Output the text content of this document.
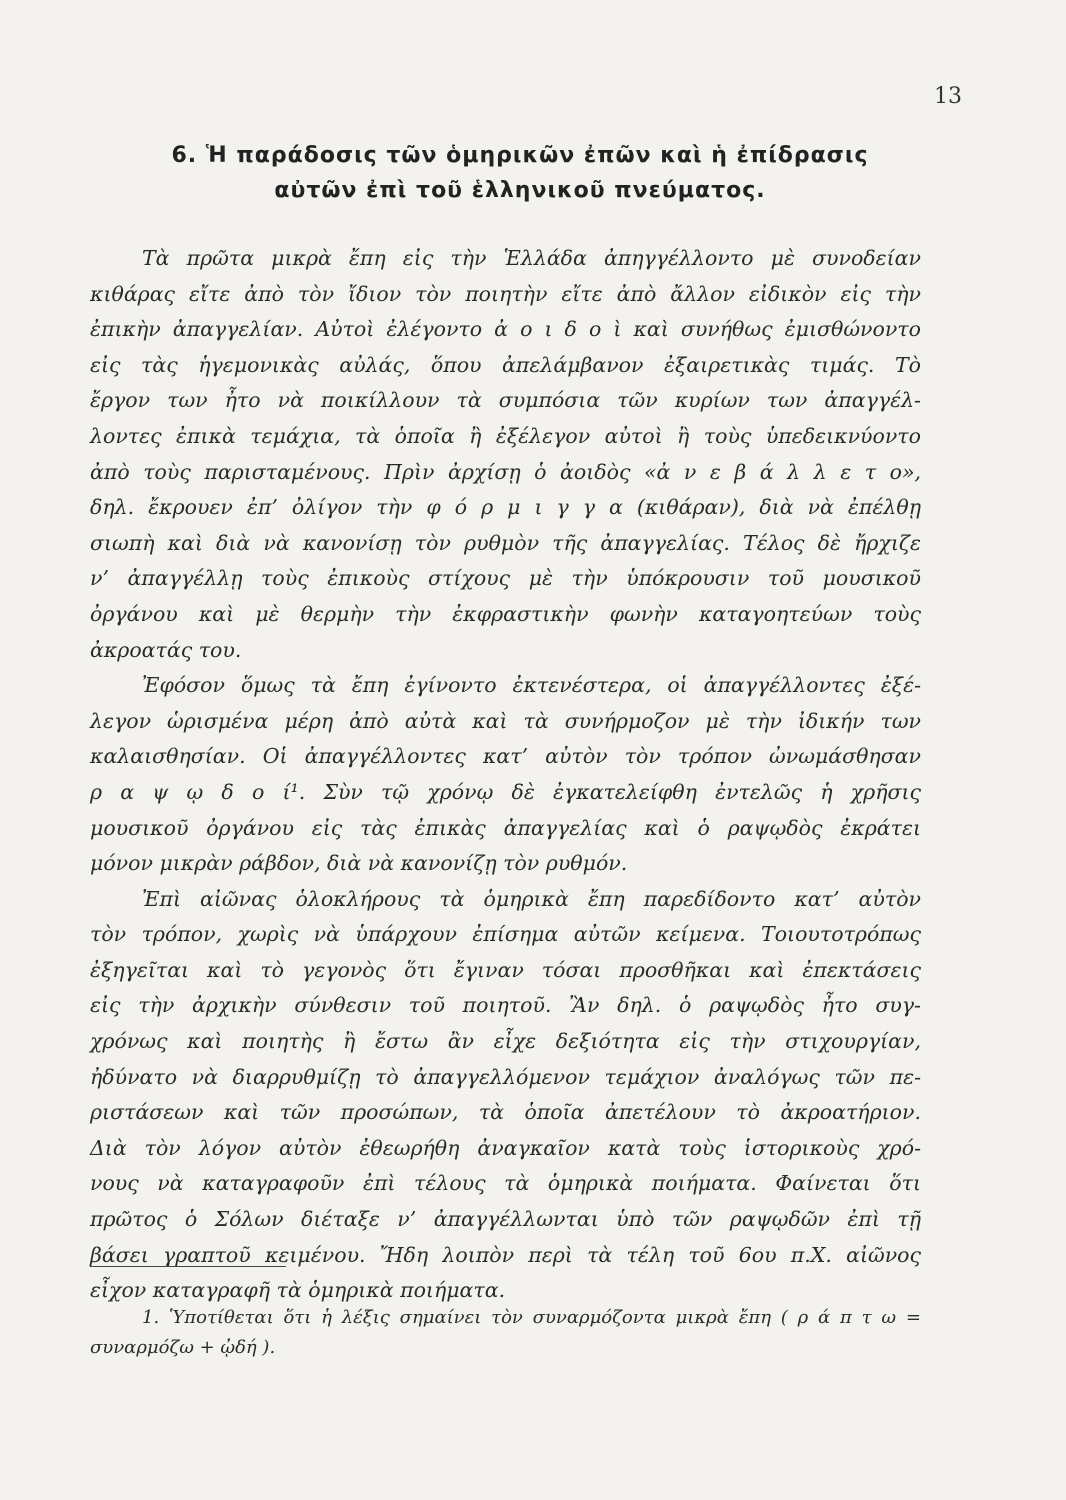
13
6. Ἡ παράδοσις τῶν ὁμηρικῶν ἐπῶν καὶ ἡ ἐπίδρασις
αὐτῶν ἐπὶ τοῦ ἑλληνικοῦ πνεύματος.
Τὰ πρῶτα μικρὰ ἔπη εἰς τὴν Ἑλλάδα ἀπηγγέλλοντο μὲ συνοδείαν
κιθάρας εἴτε ἀπὸ τὸν ἴδιον τὸν ποιητὴν εἴτε ἀπὸ ἄλλον εἰδικὸν εἰς τὴν
ἐπικὴν ἀπαγγελίαν. Αὐτοὶ ἐλέγοντο ἀ ο ι δ ο ὶ καὶ συνήθως ἐμισθώνοντο
εἰς τὰς ἡγεμονικὰς αὐλάς, ὅπου ἀπελάμβανον ἐξαιρετικὰς τιμάς. Τὸ
ἔργον των ἦτο νὰ ποικίλλουν τὰ συμπόσια τῶν κυρίων των ἀπαγγέλ-
λοντες ἐπικὰ τεμάχια, τὰ ὁποῖα ἢ ἐξέλεγον αὐτοὶ ἢ τοὺς ὑπεδεικνύοντο
ἀπὸ τοὺς παρισταμένους. Πρὶν ἀρχίσῃ ὁ ἀοιδὸς «ἀ ν ε β ά λ λ ε τ ο»,
δηλ. ἔκρουεν ἐπ’ ὀλίγον τὴν φ ό ρ μ ι γ γ α (κιθάραν), διὰ νὰ ἐπέλθῃ
σιωπὴ καὶ διὰ νὰ κανονίσῃ τὸν ρυθμὸν τῆς ἀπαγγελίας. Τέλος δὲ ἤρχιζε
ν’ ἀπαγγέλλῃ τοὺς ἐπικοὺς στίχους μὲ τὴν ὑπόκρουσιν τοῦ μουσικοῦ
ὀργάνου καὶ μὲ θερμὴν τὴν ἐκφραστικὴν φωνὴν καταγοητεύων τοὺς
ἀκροατάς του.
Ἐφόσον ὅμως τὰ ἔπη ἐγίνοντο ἐκτενέστερα, οἱ ἀπαγγέλλοντες ἐξέ-
λεγον ὡρισμένα μέρη ἀπὸ αὐτὰ καὶ τὰ συνήρμοζον μὲ τὴν ἰδικήν των
καλαισθησίαν. Οἱ ἀπαγγέλλοντες κατ’ αὐτὸν τὸν τρόπον ὠνωμάσθησαν
ρ α ψ ῳ δ ο ί¹. Σὺν τῷ χρόνῳ δὲ ἐγκατελείφθη ἐντελῶς ἡ χρῆσις
μουσικοῦ ὀργάνου εἰς τὰς ἐπικὰς ἀπαγγελίας καὶ ὁ ραψῳδὸς ἐκράτει
μόνον μικρὰν ράβδον, διὰ νὰ κανονίζῃ τὸν ρυθμόν.
Ἐπὶ αἰῶνας ὁλοκλήρους τὰ ὁμηρικὰ ἔπη παρεδίδοντο κατ’ αὐτὸν
τὸν τρόπον, χωρὶς νὰ ὑπάρχουν ἐπίσημα αὐτῶν κείμενα. Τοιουτοτρόπως
ἐξηγεῖται καὶ τὸ γεγονὸς ὅτι ἔγιναν τόσαι προσθῆκαι καὶ ἐπεκτάσεις
εἰς τὴν ἀρχικὴν σύνθεσιν τοῦ ποιητοῦ. Ἂν δηλ. ὁ ραψῳδὸς ἦτο συγ-
χρόνως καὶ ποιητὴς ἢ ἔστω ἂν εἶχε δεξιότητα εἰς τὴν στιχουργίαν,
ἠδύνατο νὰ διαρρυθμίζῃ τὸ ἀπαγγελλόμενον τεμάχιον ἀναλόγως τῶν πε-
ριστάσεων καὶ τῶν προσώπων, τὰ ὁποῖα ἀπετέλουν τὸ ἀκροατήριον.
Διὰ τὸν λόγον αὐτὸν ἐθεωρήθη ἀναγκαῖον κατὰ τοὺς ἱστορικοὺς χρό-
νους νὰ καταγραφοῦν ἐπὶ τέλους τὰ ὁμηρικὰ ποιήματα. Φαίνεται ὅτι
πρῶτος ὁ Σόλων διέταξε ν’ ἀπαγγέλλωνται ὑπὸ τῶν ραψῳδῶν ἐπὶ τῇ
βάσει γραπτοῦ κειμένου. Ἤδη λοιπὸν περὶ τὰ τέλη τοῦ 6ου π.Χ. αἰῶνος
εἶχον καταγραφῆ τὰ ὁμηρικὰ ποιήματα.
1. Ὑποτίθεται ὅτι ἡ λέξις σημαίνει τὸν συναρμόζοντα μικρὰ ἔπη ( ρ ά π τ ω =
συναρμόζω + ᾠδή ).
